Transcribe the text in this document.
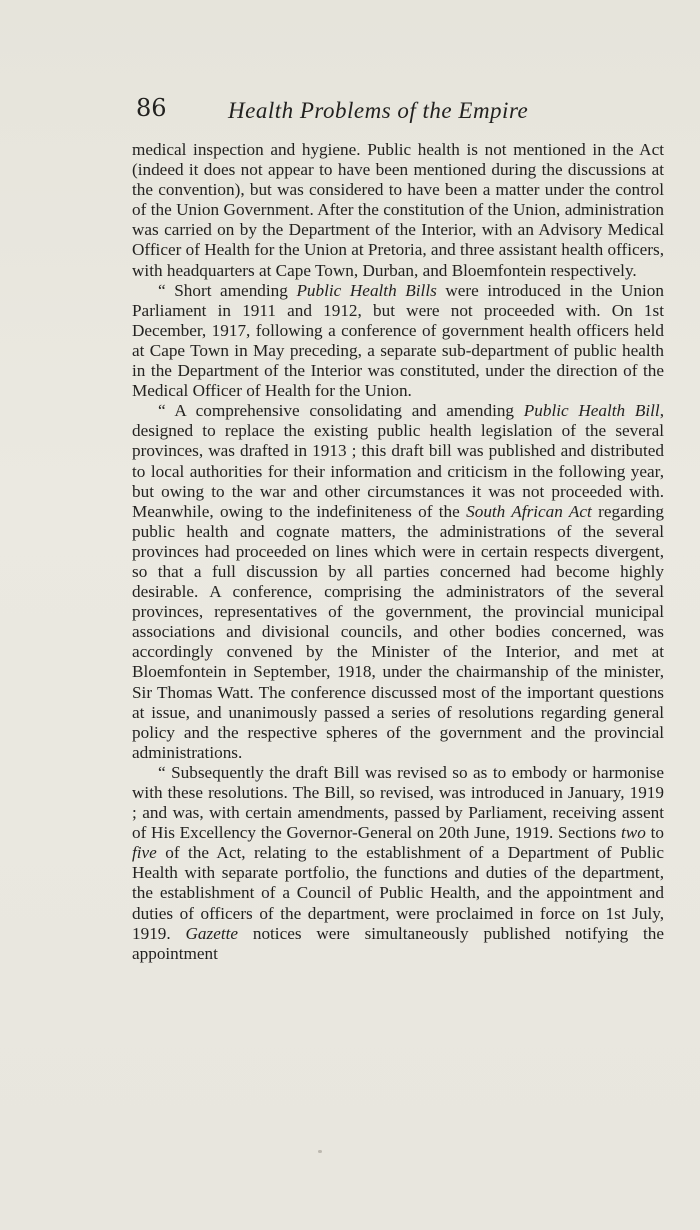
86	Health Problems of the Empire

medical inspection and hygiene. Public health is not mentioned in the Act (indeed it does not appear to have been mentioned during the discussions at the convention), but was considered to have been a matter under the control of the Union Government. After the constitution of the Union, administration was carried on by the Department of the Interior, with an Advisory Medical Officer of Health for the Union at Pretoria, and three assistant health officers, with headquarters at Cape Town, Durban, and Bloemfontein respectively.

“ Short amending Public Health Bills were introduced in the Union Parliament in 1911 and 1912, but were not proceeded with. On 1st December, 1917, following a conference of government health officers held at Cape Town in May preceding, a separate sub-department of public health in the Department of the Interior was constituted, under the direction of the Medical Officer of Health for the Union.

“ A comprehensive consolidating and amending Public Health Bill, designed to replace the existing public health legislation of the several provinces, was drafted in 1913 ; this draft bill was published and distributed to local authorities for their information and criticism in the following year, but owing to the war and other circumstances it was not proceeded with. Meanwhile, owing to the indefiniteness of the South African Act regarding public health and cognate matters, the administrations of the several provinces had proceeded on lines which were in certain respects divergent, so that a full discussion by all parties concerned had become highly desirable. A conference, comprising the administrators of the several provinces, representatives of the government, the provincial municipal associations and divisional councils, and other bodies concerned, was accordingly convened by the Minister of the Interior, and met at Bloemfontein in September, 1918, under the chairmanship of the minister, Sir Thomas Watt. The conference discussed most of the important questions at issue, and unanimously passed a series of resolutions regarding general policy and the respective spheres of the government and the provincial administrations.

“ Subsequently the draft Bill was revised so as to embody or harmonise with these resolutions. The Bill, so revised, was introduced in January, 1919 ; and was, with certain amendments, passed by Parliament, receiving assent of His Excellency the Governor-General on 20th June, 1919. Sections two to five of the Act, relating to the establishment of a Department of Public Health with separate portfolio, the functions and duties of the department, the establishment of a Council of Public Health, and the appointment and duties of officers of the department, were proclaimed in force on 1st July, 1919. Gazette notices were simultaneously published notifying the appointment
